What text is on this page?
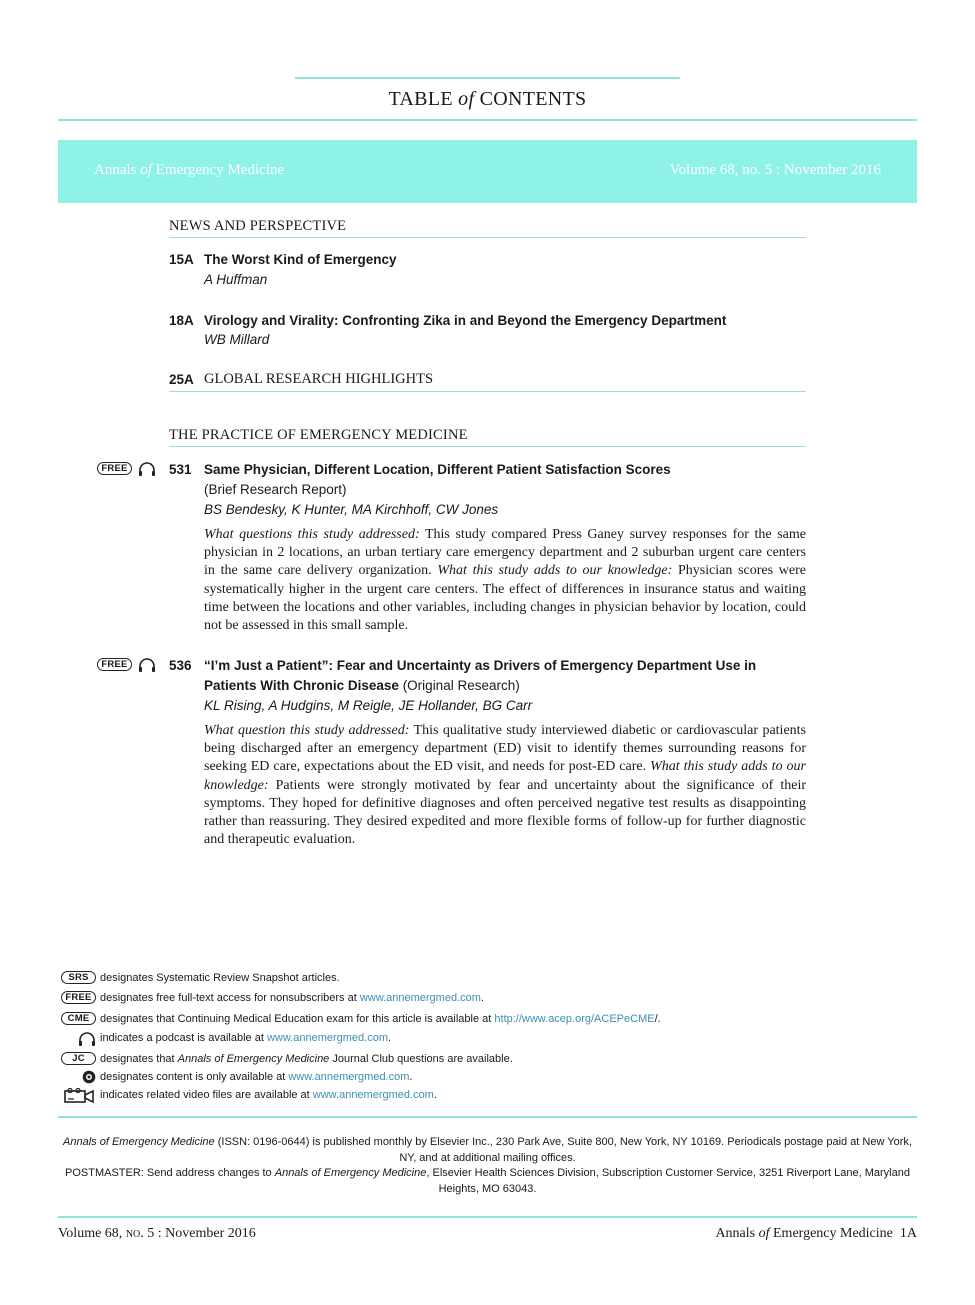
TABLE of CONTENTS
Annals of Emergency Medicine	Volume 68, no. 5 : November 2016
NEWS AND PERSPECTIVE
15A The Worst Kind of Emergency
A Huffman
18A Virology and Virality: Confronting Zika in and Beyond the Emergency Department
WB Millard
25A GLOBAL RESEARCH HIGHLIGHTS
THE PRACTICE OF EMERGENCY MEDICINE
FREE	531 Same Physician, Different Location, Different Patient Satisfaction Scores
(Brief Research Report)
BS Bendesky, K Hunter, MA Kirchhoff, CW Jones
What questions this study addressed: This study compared Press Ganey survey responses for the same physician in 2 locations, an urban tertiary care emergency department and 2 suburban urgent care centers in the same care delivery organization. What this study adds to our knowledge: Physician scores were systematically higher in the urgent care centers. The effect of differences in insurance status and waiting time between the locations and other variables, including changes in physician behavior by location, could not be assessed in this small sample.
FREE	536 “I’m Just a Patient”: Fear and Uncertainty as Drivers of Emergency Department Use in Patients With Chronic Disease (Original Research)
KL Rising, A Hudgins, M Reigle, JE Hollander, BG Carr
What question this study addressed: This qualitative study interviewed diabetic or cardiovascular patients being discharged after an emergency department (ED) visit to identify themes surrounding reasons for seeking ED care, expectations about the ED visit, and needs for post-ED care. What this study adds to our knowledge: Patients were strongly motivated by fear and uncertainty about the significance of their symptoms. They hoped for definitive diagnoses and often perceived negative test results as disappointing rather than reassuring. They desired expedited and more flexible forms of follow-up for further diagnostic and therapeutic evaluation.
SRS	designates Systematic Review Snapshot articles.
FREE designates free full-text access for nonsubscribers at www.annemergmed.com.
CME designates that Continuing Medical Education exam for this article is available at http://www.acep.org/ACEPeCME/.
indicates a podcast is available at www.annemergmed.com.
JC	designates that Annals of Emergency Medicine Journal Club questions are available.
designates content is only available at www.annemergmed.com.
indicates related video files are available at www.annemergmed.com.
Annals of Emergency Medicine (ISSN: 0196-0644) is published monthly by Elsevier Inc., 230 Park Ave, Suite 800, New York, NY 10169. Periodicals postage paid at New York, NY, and at additional mailing offices.
POSTMASTER: Send address changes to Annals of Emergency Medicine, Elsevier Health Sciences Division, Subscription Customer Service, 3251 Riverport Lane, Maryland Heights, MO 63043.
Volume 68, no. 5 : November 2016	Annals of Emergency Medicine 1A
